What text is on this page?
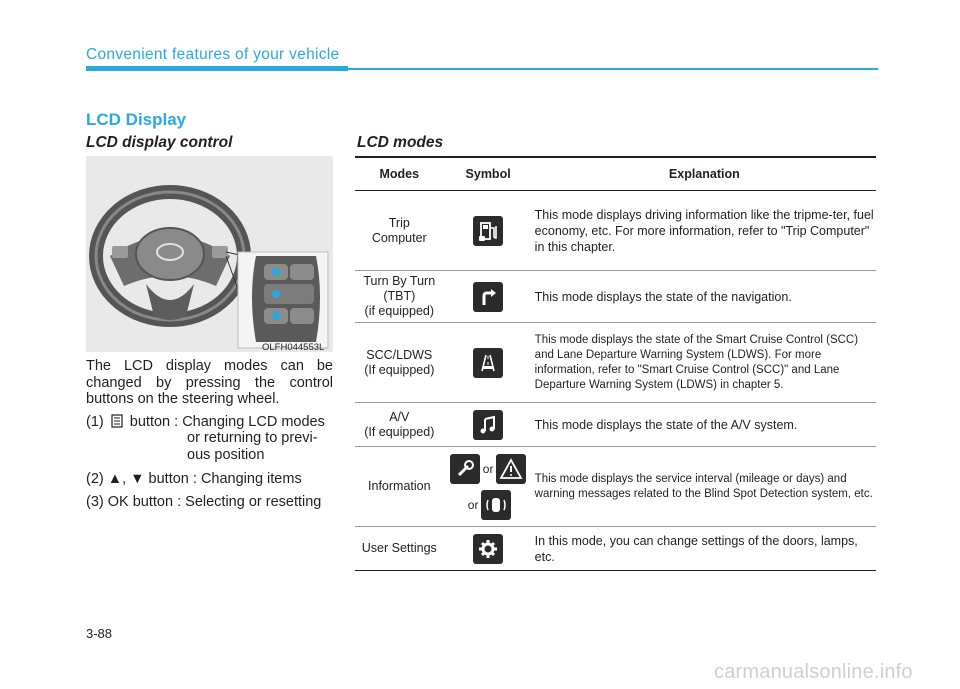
Convenient features of your vehicle
LCD Display
LCD display control	LCD modes
OLFH044553L

The LCD display modes can be changed by pressing the control buttons on the steering wheel.

(1) button : Changing LCD modes
or returning to previ-
ous position

(2) ▲, ▼ button : Changing items

(3) OK button : Selecting or resetting

Modes	Symbol	Explanation
Trip
Computer		This mode displays driving information like the tripme-ter, fuel economy, etc. For more information, refer to "Trip Computer" in this chapter.
Turn By Turn
(TBT)
(if equipped)		This mode displays the state of the navigation.
SCC/LDWS
(If equipped)		This mode displays the state of the Smart Cruise Control (SCC) and Lane Departure Warning System (LDWS). For more information, refer to "Smart Cruise Control (SCC)" and Lane Departure Warning System (LDWS) in chapter 5.
A/V
(If equipped)		This mode displays the state of the A/V system.
Information	or
or	This mode displays the service interval (mileage or days) and warning messages related to the Blind Spot Detection system, etc.
User Settings		In this mode, you can change settings of the doors, lamps, etc.
3-88
carmanualsonline.info
